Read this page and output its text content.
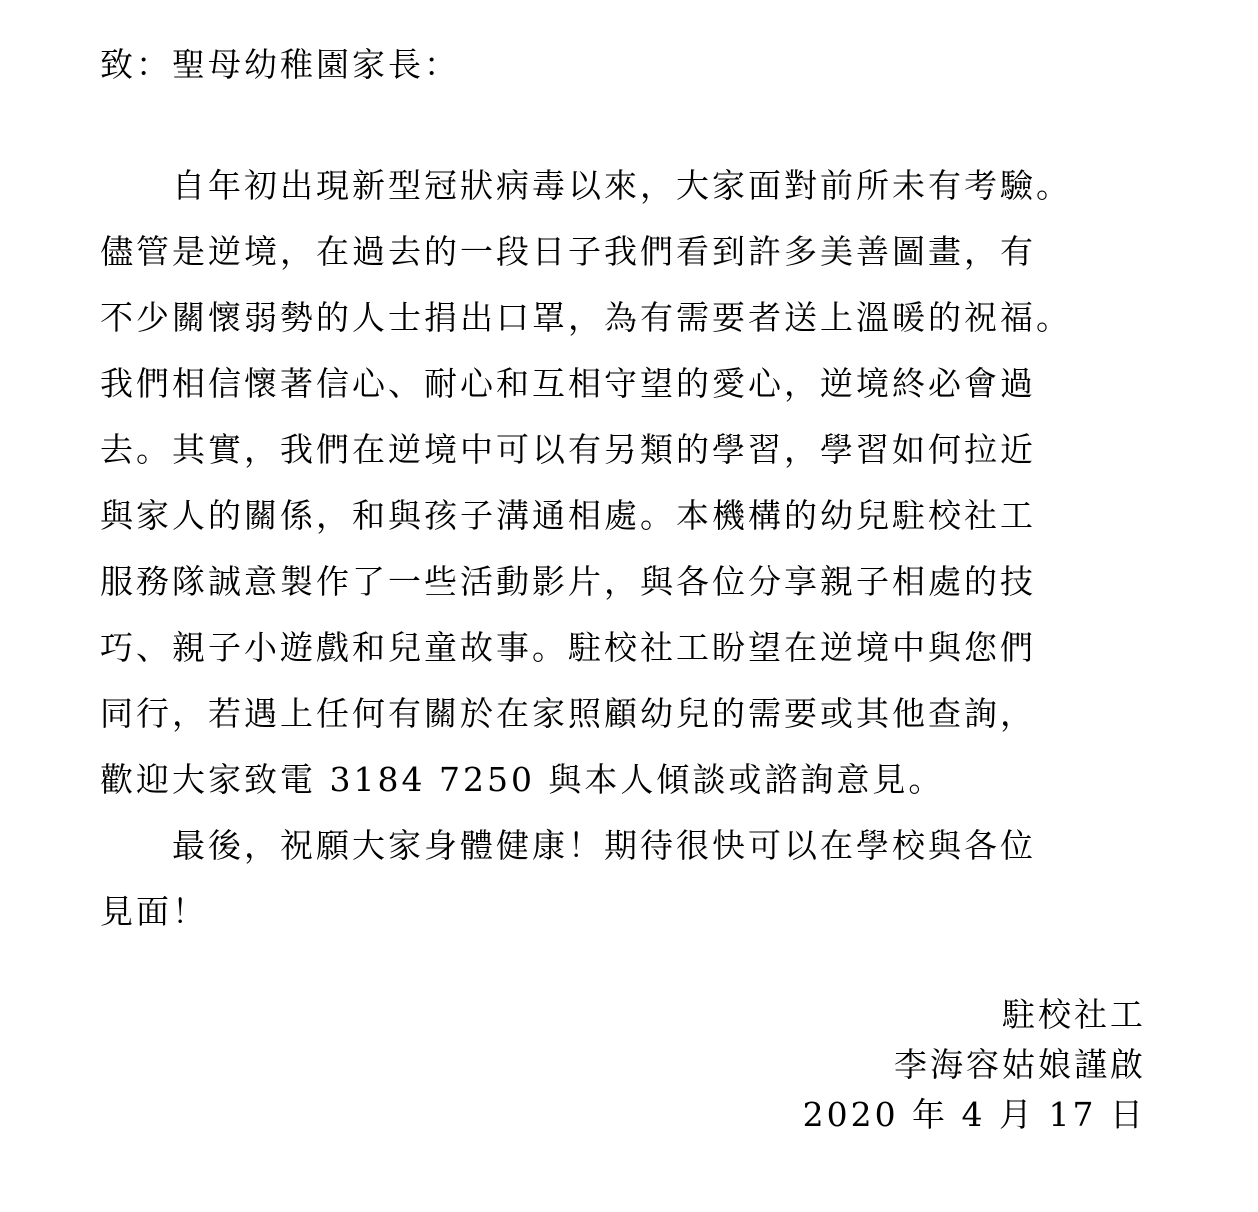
致：聖母幼稚園家長：
　　自年初出現新型冠狀病毒以來，大家面對前所未有考驗。
儘管是逆境，在過去的一段日子我們看到許多美善圖畫，有
不少關懷弱勢的人士捐出口罩，為有需要者送上溫暖的祝福。
我們相信懷著信心、耐心和互相守望的愛心，逆境終必會過
去。其實，我們在逆境中可以有另類的學習，學習如何拉近
與家人的關係，和與孩子溝通相處。本機構的幼兒駐校社工
服務隊誠意製作了一些活動影片，與各位分享親子相處的技
巧、親子小遊戲和兒童故事。駐校社工盼望在逆境中與您們
同行，若遇上任何有關於在家照顧幼兒的需要或其他查詢，
歡迎大家致電 3184 7250 與本人傾談或諮詢意見。
　　最後，祝願大家身體健康！期待很快可以在學校與各位
見面！
駐校社工
李海容姑娘謹啟
2020 年 4 月 17 日
